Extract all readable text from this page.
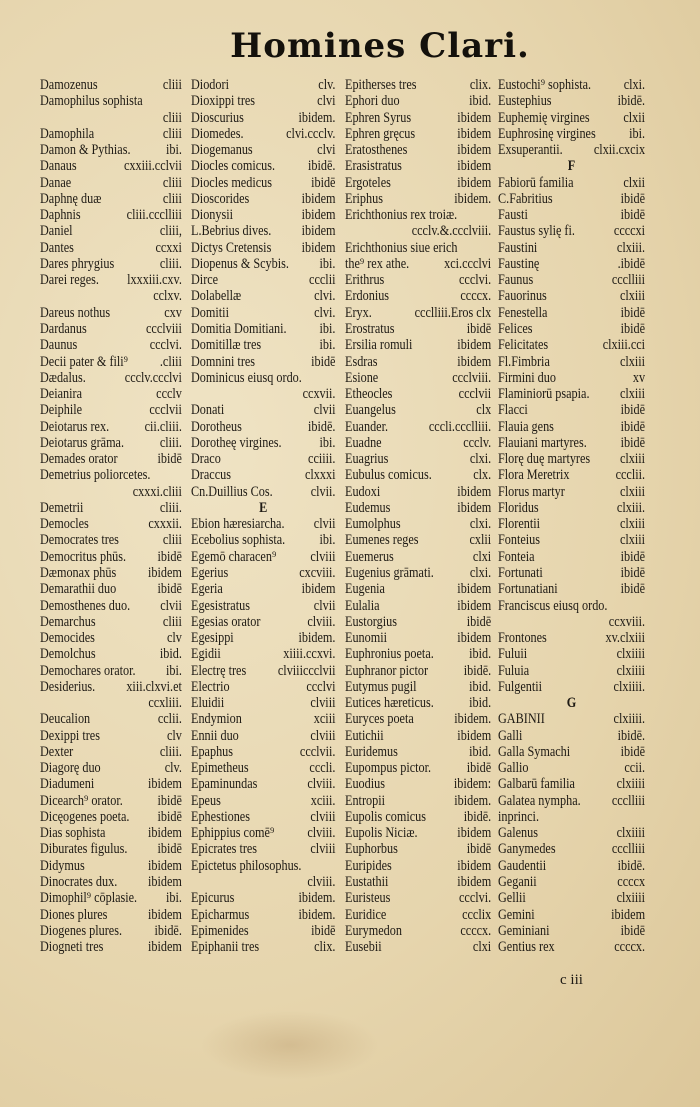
Homines Clari.
Damozenus	cliii
Damophilus sophista
cliii
Damophila	cliii
Damon & Pythias. ibi.
Danaus	cxxiii.cclvii
Danae	cliii
Daphnę duæ	cliii
Daphnis	cliii.ccclliii
Daniel	cliii,
Dantes	ccxxi
Dares phrygius	cliii.
Darei reges. lxxxiii.cxv.
cclxv.
Dareus nothus	cxv
Dardanus	ccclviii
Daunus	ccclvi.
Decii pater & fili⁹ .cliii
Dædalus.	ccclv.ccclvi
Deianira	ccclv
Deiphile	ccclvii
Deiotarus rex.	cii.cliii.
Deiotarus grāma.	cliii.
Demades orator	ibidē
Demetrius poliorcetes.
cxxxi.cliii
Demetrii	cliii.
Democles	cxxxii.
Democrates tres	cliii
Democritus phūs. ibidē
Dæmonax phūs ibidem
Demarathii duo	ibidē
Demosthenes duo. clvii
Demarchus	cliii
Democides	clv
Demolchus	ibid.
Demochares orator. ibi.
Desiderius. xiii.clxvi.et
ccxliii.
Deucalion	cclii.
Dexippi tres	clv
Dexter	cliii.
Diagorę duo	clv.
Diadumeni	ibidem
Dicearch⁹ orator. ibidē
Dicęogenes poeta. ibidē
Dias sophista	ibidem
Diburates figulus. ibidē
Didymus	ibidem
Dinocrates dux. ibidem
Dimophil⁹ cōplasie. ibi.
Diones plures	ibidem
Diogenes plures. ibidē.
Diogneti tres	ibidem
Diodori	clv.
Dioxippi tres	clvi
Dioscurius	ibidem.
Diomedes.	clvi.ccclv.
Diogemanus	clvi
Diocles comicus. ibidē.
Diocles medicus	ibidē
Dioscorides	ibidem
Dionysii	ibidem
L.Bebrius dives. ibidem
Dictys Cretensis ibidem
Diopenus & Scybis. ibi.
Dirce	ccclii
Dolabellæ	clvi.
Domitii	clvi.
Domitia Domitiani. ibi.
Domitillæ tres	ibi.
Domnini tres	ibidē
Dominicus eiusq ordo.
ccxvii.
Donati	clvii
Dorotheus	ibidē.
Dorotheę virgines.	ibi.
Draco	cciiii.
Draccus	clxxxi
Cn.Duillius Cos.	clvii.
E
Ebion hæresiarcha. clvii
Ecebolius sophista. ibi.
Egemō characen⁹ clviii
Egerius	cxcviii.
Egeria	ibidem
Egesistratus	clvii
Egesias orator	clviii.
Egesippi	ibidem.
Egidii	xiiii.ccxvi.
Electrę tres clviiiccclvii
Electrio	ccclvi
Eluidii	clviii
Endymion	xciii
Ennii duo	clviii
Epaphus	ccclvii.
Epimetheus	cccli.
Epaminundas	clviii.
Epeus	xciii.
Ephestiones	clviii
Ephippius comē⁹ clviii.
Epicrates tres	clviii
Epictetus philosophus.
clviii.
Epicurus	ibidem.
Epicharmus	ibidem.
Epimenides	ibidē
Epiphanii tres	clix.
Epitherses tres	clix.
Ephori duo	ibid.
Ephren Syrus	ibidem
Ephren gręcus	ibidem
Eratosthenes	ibidem
Erasistratus	ibidem
Ergoteles	ibidem
Eriphus	ibidem.
Erichthonius rex troiæ.
ccclv.&.ccclviii.
Erichthonius siue erich
the⁹ rex athe. xci.ccclvi
Erithrus	ccclvi.
Erdonius	ccccx.
Eryx.	ccclliii.Eros clx
Erostratus	ibidē
Ersilia romuli	ibidem
Esdras	ibidem
Esione	ccclviii.
Etheocles	ccclvii
Euangelus	clx
Euander.	cccli.ccclliii.
Euadne	ccclv.
Euagrius	clxi.
Eubulus comicus.	clx.
Eudoxi	ibidem
Eudemus	ibidem
Eumolphus	clxi.
Eumenes reges	cxlii
Euemerus	clxi
Eugenius grāmati.	clxi.
Eugenia	ibidem
Eulalia	ibidem
Eustorgius	ibidē
Eunomii	ibidem
Euphronius poeta. ibid.
Euphranor pictor	ibidē.
Eutymus pugil	ibid.
Eutices hæreticus. ibid.
Euryces poeta	ibidem.
Eutichii	ibidem
Euridemus	ibid.
Eupompus pictor.	ibidē
Euodius	ibidem:
Entropii	ibidem.
Eupolis comicus	ibidē.
Eupolis Niciæ.	ibidem
Euphorbus	ibidē
Euripides	ibidem
Eustathii	ibidem
Euristeus	ccclvi.
Euridice	ccclix
Eurymedon	ccccx.
Eusebii	clxi
Eustochi⁹ sophista. clxi.
Eustephius	ibidē.
Euphemię virgines clxii
Euphrosinę virgines ibi.
Exsuperantii. clxii.cxcix
F
Fabiorū familia	clxii
C.Fabritius	ibidē
Fausti	ibidē
Faustus sylię fi.	ccccxi
Faustini	clxiii.
Faustinę	.ibidē
Faunus	ccclliii
Fauorinus	clxiii
Fenestella	ibidē
Felices	ibidē
Felicitates	clxiii.cci
Fl.Fimbria	clxiii
Firmini duo	xv
Flaminiorū psapia. clxiii
Flacci	ibidē
Flauia gens	ibidē
Flauiani martyres. ibidē
Florę duę martyres clxiii
Flora Meretrix	ccclii.
Florus martyr	clxiii
Floridus	clxiii.
Florentii	clxiii
Fonteius	clxiii
Fonteia	ibidē
Fortunati	ibidē
Fortunatiani	ibidē
Franciscus eiusq ordo.
ccxviii.
Frontones	xv.clxiii
Fuluii	clxiiii
Fuluia	clxiiii
Fulgentii	clxiiii.
G
GABINII	clxiiii.
Galli	ibidē.
Galla Symachi	ibidē
Gallio	ccii.
Galbarū familia	clxiiii
Galatea nympha. ccclliii
inprinci.
Galenus	clxiiii
Ganymedes	ccclliii
Gaudentii	ibidē.
Geganii	ccccx
Gellii	clxiiii
Gemini	ibidem
Geminiani	ibidē
Gentius rex	ccccx.
c iii
